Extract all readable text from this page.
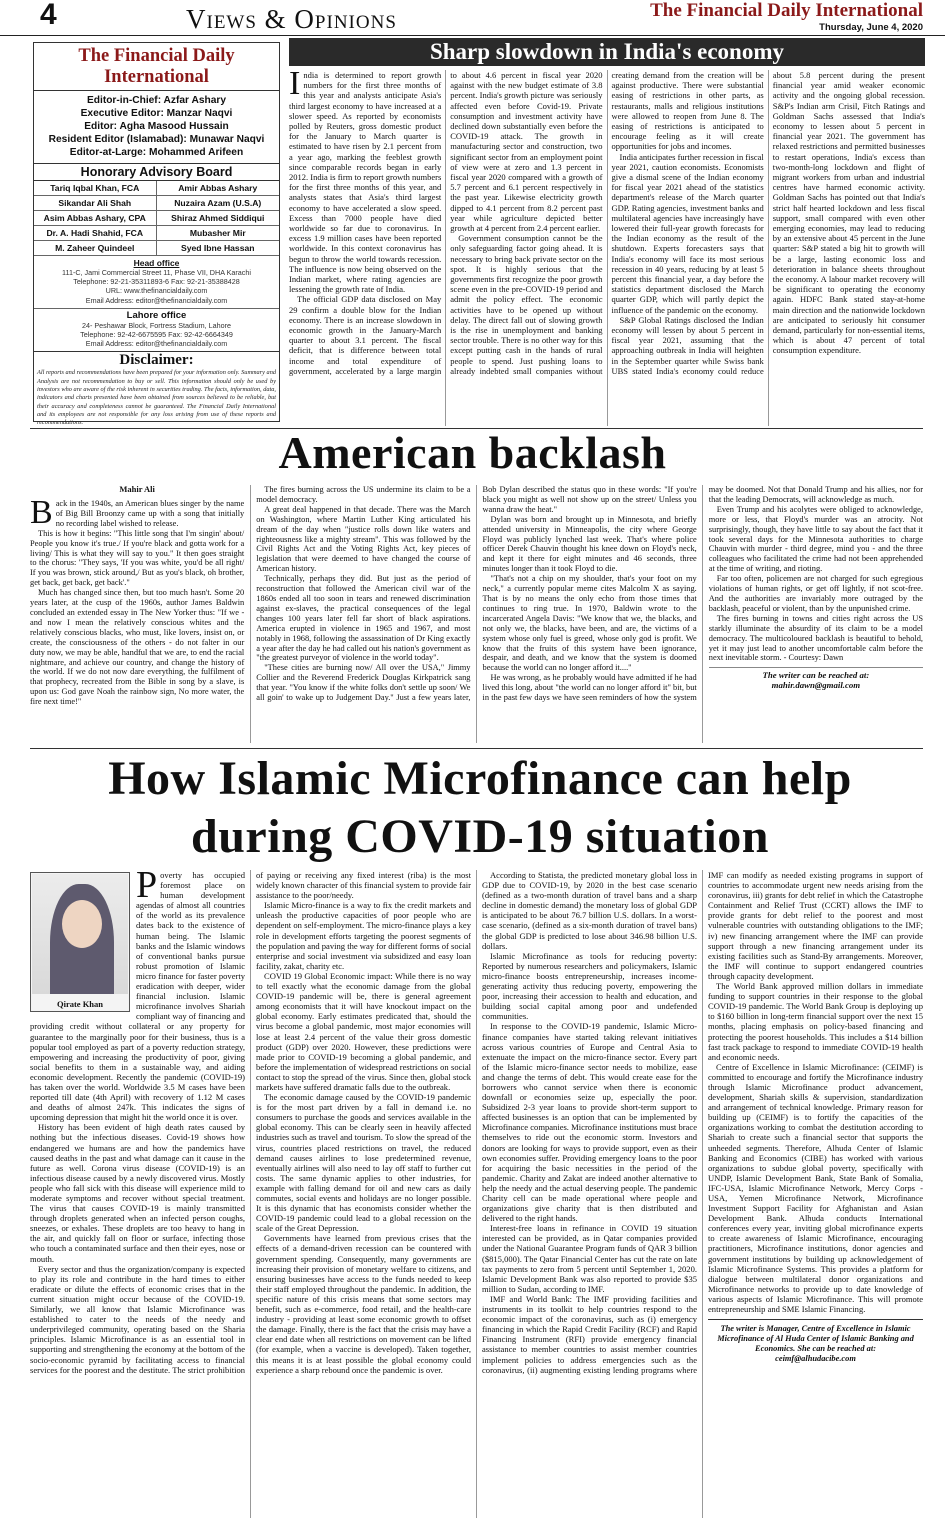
4	Views & Opinions	The Financial Daily International
Thursday, June 4, 2020
The Financial Daily International
Editor-in-Chief: Azfar Ashary
Executive Editor: Manzar Naqvi
Editor: Agha Masood Hussain
Resident Editor (Islamabad): Munawar Naqvi
Editor-at-Large: Mohammed Arifeen
Honorary Advisory Board
Tariq Iqbal Khan, FCA	Amir Abbas Ashary
Sikandar Ali Shah	Nuzaira Azam (U.S.A)
Asim Abbas Ashary, CPA	Shiraz Ahmed Siddiqui
Dr. A. Hadi Shahid, FCA	Mubasher Mir
M. Zaheer Quindeel	Syed Ibne Hassan
Head office
111-C, Jami Commercial Street 11, Phase VII, DHA Karachi
Telephone: 92-21-35311893-6 Fax: 92-21-35388428
URL: www.thefinancialdaily.com
Email Address: editor@thefinancialdaily.com
Lahore office
24- Peshawar Block, Fortress Stadium, Lahore
Telephone: 92-42-6675595 Fax: 92-42-6664349
Email Address: editor@thefinancialdaily.com
Disclaimer:
All reports and recommendations have been prepared for your information only. Summary and Analysis are not recommendation to buy or sell. This information should only be used by investors who are aware of the risk inherent in securities trading. The facts, information, data, indicators and charts presented have been obtained from sources believed to be reliable, but their accuracy and completeness cannot be guaranteed. The Financial Daily International and its employees are not responsible for any loss arising from use of these reports and recommendations.
Sharp slowdown in India's economy

India is determined to report growth numbers for the first three months of this year and analysts anticipate Asia's third largest economy to have increased at a slower speed. As reported by economists polled by Reuters, gross domestic product for the January to March quarter is estimated to have risen by 2.1 percent from a year ago, marking the feeblest growth since comparable records began in early 2012. India is firm to report growth numbers for the first three months of this year, and analysts states that Asia's third largest economy to have accelerated a slow speed. Excess than 7000 people have died worldwide so far due to coronavirus. In excess 1.9 million cases have been reported worldwide. In this context coronavirus has begun to throw the world towards recession. The influence is now being observed on the Indian market, where rating agencies are lessening the growth rate of India.

The official GDP data disclosed on May 29 confirm a double blow for the Indian economy. There is an increase slowdown in economic growth in the January-March quarter to about 3.1 percent. The fiscal deficit, that is difference between total income and total expenditure of government, accelerated by a large margin to about 4.6 percent in fiscal year 2020 against with the new budget estimate of 3.8 percent. India's growth picture was seriously affected even before Covid-19. Private consumption and investment activity have declined down substantially even before the COVID-19 attack. The growth in manufacturing sector and construction, two significant sector from an employment point of view were at zero and 1.3 percent in fiscal year 2020 compared with a growth of 5.7 percent and 6.1 percent respectively in the past year. Likewise electricity growth dipped to 4.1 percent from 8.2 percent past year while agriculture depicted better growth at 4 percent from 2.4 percent earlier.

Government consumption cannot be the only safeguarding factor going ahead. It is necessary to bring back private sector on the spot. It is highly serious that the governments first recognize the poor growth scene even in the pre-COVID-19 period and admit the policy effect. The economic activities have to be opened up without delay. The direct fall out of slowing growth is the rise in unemployment and banking sector trouble. There is no other way for this except putting cash in the hands of rural people to spend. Just pushing loans to already indebted small companies without creating demand from the creation will be against productive. There were substantial easing of restrictions in other parts, as restaurants, malls and religious institutions were allowed to reopen from June 8. The easing of restrictions is anticipated to encourage feeling as it will create opportunities for jobs and incomes.

India anticipates further recession in fiscal year 2021, caution economists. Economists give a dismal scene of the Indian economy for fiscal year 2021 ahead of the statistics department's release of the March quarter GDP. Rating agencies, investment banks and multilateral agencies have increasingly have lowered their full-year growth forecasts for the Indian economy as the result of the shutdown. Experts forecasters says that India's economy will face its most serious recession in 40 years, reducing by at least 5 percent this financial year, a day before the statistics department disclosed the March quarter GDP, which will partly depict the influence of the pandemic on the economy.

S&P Global Ratings disclosed the Indian economy will lessen by about 5 percent in fiscal year 2021, assuming that the approaching outbreak in India will heighten in the September quarter while Swiss bank UBS stated India's economy could reduce about 5.8 percent during the present financial year amid weaker economic activity and the ongoing global recession. S&P's Indian arm Crisil, Fitch Ratings and Goldman Sachs assessed that India's economy to lessen about 5 percent in financial year 2021. The government has relaxed restrictions and permitted businesses to restart operations, India's excess than two-month-long lockdown and flight of migrant workers from urban and industrial centres have harmed economic activity. Goldman Sachs has pointed out that India's strict half hearted lockdown and less fiscal support, small compared with even other emerging economies, may lead to reducing by an extensive about 45 percent in the June quarter: S&P stated a big hit to growth will be a large, lasting economic loss and deterioration in balance sheets throughout the economy. A labour market recovery will be significant to operating the economy again. HDFC Bank stated stay-at-home main direction and the nationwide lockdown are anticipated to seriously hit consumer demand, particularly for non-essential items, which is about 47 percent of total consumption expenditure.

American backlash
Mahir Ali

Back in the 1940s, an American blues singer by the name of Big Bill Broonzy came up with a song that initially no recording label wished to release.

This is how it begins: "This little song that I'm singin' about/ People you know it's true./ If you're black and gotta work for a living/ This is what they will say to you." It then goes straight to the chorus: "They says, 'If you was white, you'd be all right/ If you was brown, stick around,/ But as you's black, oh brother, get back, get back, get back'."

Much has changed since then, but too much hasn't. Some 20 years later, at the cusp of the 1960s, author James Baldwin concluded an extended essay in The New Yorker thus: "If we - and now I mean the relatively conscious whites and the relatively conscious blacks, who must, like lovers, insist on, or create, the consciousness of the others - do not falter in our duty now, we may be able, handful that we are, to end the racial nightmare, and achieve our country, and change the history of the world. If we do not now dare everything, the fulfilment of that prophecy, recreated from the Bible in song by a slave, is upon us: God gave Noah the rainbow sign, No more water, the fire next time!"

The fires burning across the US undermine its claim to be a model democracy.

A great deal happened in that decade. There was the March on Washington, where Martin Luther King articulated his dream of the day when "justice rolls down like waters and righteousness like a mighty stream". This was followed by the Civil Rights Act and the Voting Rights Act, key pieces of legislation that were deemed to have changed the course of American history.

Technically, perhaps they did. But just as the period of reconstruction that followed the American civil war of the 1860s ended all too soon in tears and renewed discrimination against ex-slaves, the practical consequences of the legal changes 100 years later fell far short of black aspirations. America erupted in violence in 1965 and 1967, and most notably in 1968, following the assassination of Dr King exactly a year after the day he had called out his nation's government as "the greatest purveyor of violence in the world today".

"These cities are burning now/ All over the USA," Jimmy Collier and the Reverend Frederick Douglas Kirkpatrick sang that year. "You know if the white folks don't settle up soon/ We all goin' to wake up to Judgement Day." Just a few years later, Bob Dylan described the status quo in these words: "If you're black you might as well not show up on the street/ Unless you wanna draw the heat."

Dylan was born and brought up in Minnesota, and briefly attended university in Minneapolis, the city where George Floyd was publicly lynched last week. That's where police officer Derek Chauvin thought his knee down on Floyd's neck, and kept it there for eight minutes and 46 seconds, three minutes longer than it took Floyd to die.

"That's not a chip on my shoulder, that's your foot on my neck," a currently popular meme cites Malcolm X as saying. That is by no means the only echo from those times that continues to ring true. In 1970, Baldwin wrote to the incarcerated Angela Davis: "We know that we, the blacks, and not only we, the blacks, have been, and are, the victims of a system whose only fuel is greed, whose only god is profit. We know that the fruits of this system have been ignorance, despair, and death, and we know that the system is doomed because the world can no longer afford it...."

He was wrong, as he probably would have admitted if he had lived this long, about "the world can no longer afford it" bit, but in the past few days we have seen reminders of how the system may be doomed. Not that Donald Trump and his allies, nor for that the leading Democrats, will acknowledge as much.

Even Trump and his acolytes were obliged to acknowledge, more or less, that Floyd's murder was an atrocity. Not surprisingly, though, they have little to say about the fact that it took several days for the Minnesota authorities to charge Chauvin with murder - third degree, mind you - and the three colleagues who facilitated the crime had not been apprehended at the time of writing, and rioting.

Far too often, policemen are not charged for such egregious violations of human rights, or get off lightly, if not scot-free. And the authorities are invariably more outraged by the backlash, peaceful or violent, than by the unpunished crime.

The fires burning in towns and cities right across the US starkly illuminate the absurdity of its claim to be a model democracy. The multicoloured backlash is beautiful to behold, yet it may just lead to another uncomfortable calm before the next inevitable storm. - Courtesy: Dawn

The writer can be reached at:
mahir.dawn@gmail.com
How Islamic Microfinance can help during COVID-19 situation
Qirate Khan

Poverty has occupied foremost place on human development agendas of almost all countries of the world as its prevalence dates back to the existence of human being. The Islamic banks and the Islamic windows of conventional banks pursue robust promotion of Islamic micro finance for faster poverty eradication with deeper, wider financial inclusion. Islamic microfinance involves Shariah compliant way of financing and providing credit without collateral or any property for guarantee to the marginally poor for their business, thus is a popular tool employed as part of a poverty reduction strategy, empowering and increasing the productivity of poor, giving social benefits to them in a sustainable way, and aiding economic development. Recently the pandemic (COVID-19) has taken over the world. Worldwide 3.5 M cases have been reported till date (4th April) with recovery of 1.12 M cases and deaths of almost 247k. This indicates the signs of upcoming depression that might hit the world once it is over.

History has been evident of high death rates caused by nothing but the infectious diseases. Covid-19 shows how endangered we humans are and how the pandemics have caused deaths in the past and what damage can it cause in the future as well. Corona virus disease (COVID-19) is an infectious disease caused by a newly discovered virus. Mostly people who fall sick with this disease will experience mild to moderate symptoms and recover without special treatment. The virus that causes COVID-19 is mainly transmitted through droplets generated when an infected person coughs, sneezes, or exhales. These droplets are too heavy to hang in the air, and quickly fall on floor or surface, infecting those who touch a contaminated surface and then their eyes, nose or mouth.

Every sector and thus the organization/company is expected to play its role and contribute in the hard times to either eradicate or dilute the effects of economic crises that in the current situation might occur because of the COVID-19. Similarly, we all know that Islamic Microfinance was established to cater to the needs of the needy and underprivileged community, operating based on the Sharia principles. Islamic Microfinance is as an essential tool in supporting and strengthening the economy at the bottom of the socio-economic pyramid by facilitating access to financial services for the poorest and the destitute. The strict prohibition of paying or receiving any fixed interest (riba) is the most widely known character of this financial system to provide fair assistance to the poor/needy.

Islamic Micro-finance is a way to fix the credit markets and unleash the productive capacities of poor people who are dependent on self-employment. The micro-finance plays a key role in development efforts targeting the poorest segments of the population and paving the way for different forms of social enterprise and social investment via subsidized and easy loan facility, zakat, charity etc.

COVID 19 Global Economic impact: While there is no way to tell exactly what the economic damage from the global COVID-19 pandemic will be, there is general agreement among economists that it will have knockout impact on the global economy. Early estimates predicated that, should the virus become a global pandemic, most major economies will lose at least 2.4 percent of the value their gross domestic product (GDP) over 2020. However, these predictions were made prior to COVID-19 becoming a global pandemic, and before the implementation of widespread restrictions on social contact to stop the spread of the virus. Since then, global stock markets have suffered dramatic falls due to the outbreak.

The economic damage caused by the COVID-19 pandemic is for the most part driven by a fall in demand i.e. no consumers to purchase the goods and services available in the global economy. This can be clearly seen in heavily affected industries such as travel and tourism. To slow the spread of the virus, countries placed restrictions on travel, the reduced demand causes airlines to lose predetermined revenue, eventually airlines will also need to lay off staff to further cut costs. The same dynamic applies to other industries, for example with falling demand for oil and new cars as daily commutes, social events and holidays are no longer possible. It is this dynamic that has economists consider whether the COVID-19 pandemic could lead to a global recession on the scale of the Great Depression.

Governments have learned from previous crises that the effects of a demand-driven recession can be countered with government spending. Consequently, many governments are increasing their provision of monetary welfare to citizens, and ensuring businesses have access to the funds needed to keep their staff employed throughout the pandemic. In addition, the specific nature of this crisis means that some sectors may benefit, such as e-commerce, food retail, and the health-care industry - providing at least some economic growth to offset the damage. Finally, there is the fact that the crisis may have a clear end date when all restrictions on movement can be lifted (for example, when a vaccine is developed). Taken together, this means it is at least possible the global economy could experience a sharp rebound once the pandemic is over.

According to Statista, the predicted monetary global loss in GDP due to COVID-19, by 2020 in the best case scenario (defined as a two-month duration of travel bans and a sharp decline in domestic demand) the monetary loss of global GDP is anticipated to be about 76.7 billion U.S. dollars. In a worst-case scenario, (defined as a six-month duration of travel bans) the global GDP is predicted to lose about 346.98 billion U.S. dollars.

Islamic Microfinance as tools for reducing poverty: Reported by numerous researchers and policymakers, Islamic micro-finance boosts entrepreneurship, increases income-generating activity thus reducing poverty, empowering the poor, increasing their accession to health and education, and building social capital among poor and undefended communities.

In response to the COVID-19 pandemic, Islamic Micro-finance companies have started taking relevant initiatives across various countries of Europe and Central Asia to extenuate the impact on the micro-finance sector. Every part of the Islamic micro-finance sector needs to mobilize, ease and change the terms of debt. This would create ease for the borrowers who cannot service when there is economic downfall or economies seize up, especially the poor. Subsidized 2-3 year loans to provide short-term support to affected businesses is an option that can be implemented by Microfinance companies. Microfinance institutions must brace themselves to ride out the economic storm. Investors and donors are looking for ways to provide support, even as their own economies suffer. Providing emergency loans to the poor for acquiring the basic necessities in the period of the pandemic. Charity and Zakat are indeed another alternative to help the needy and the actual deserving people. The pandemic Charity cell can be made operational where people and organizations give charity that is then distributed and delivered to the right hands.

Interest-free loans in refinance in COVID 19 situation interested can be provided, as in Qatar companies provided under the National Guarantee Program funds of QAR 3 billion ($815,000). The Qatar Financial Center has cut the rate on late tax payments to zero from 5 percent until September 1, 2020. Islamic Development Bank was also reported to provide $35 million to Sudan, according to IMF.

IMF and World Bank: The IMF providing facilities and instruments in its toolkit to help countries respond to the economic impact of the coronavirus, such as (i) emergency financing in which the Rapid Credit Facility (RCF) and Rapid Financing Instrument (RFI) provide emergency financial assistance to member countries to assist member countries implement policies to address emergencies such as the coronavirus, (ii) augmenting existing lending programs where IMF can modify as needed existing programs in support of countries to accommodate urgent new needs arising from the coronavirus, iii) grants for debt relief in which the Catastrophe Containment and Relief Trust (CCRT) allows the IMF to provide grants for debt relief to the poorest and most vulnerable countries with outstanding obligations to the IMF; iv) new financing arrangement where the IMF can provide support through a new financing arrangement under its existing facilities such as Stand-By arrangements. Moreover, the IMF will continue to support endangered countries through capacity development.

The World Bank approved million dollars in immediate funding to support countries in their response to the global COVID-19 pandemic. The World Bank Group is deploying up to $160 billion in long-term financial support over the next 15 months, placing emphasis on policy-based financing and protecting the poorest households. This includes a $14 billion fast track package to respond to immediate COVID-19 health and economic needs.

Centre of Excellence in Islamic Microfinance: (CEIMF) is committed to encourage and fortify the Microfinance industry through Islamic Microfinance product advancement, development, Shariah skills & supervision, standardization and arrangement of technical knowledge. Primary reason for building up (CEIMF) is to fortify the capacities of the organizations working to combat the destitution according to Shariah to create such a financial sector that supports the unheeded segments. Therefore, Alhuda Center of Islamic Banking and Economics (CIBE) has worked with various organizations to subdue global poverty, specifically with UNDP, Islamic Development Bank, State Bank of Somalia, IFC-USA, Islamic Microfinance Network, Mercy Corps - USA, Yemen Microfinance Network, Microfinance Investment Support Facility for Afghanistan and Asian Development Bank. Alhuda conducts International conferences every year, inviting global microfinance experts to create awareness of Islamic Microfinance, encouraging practitioners, Microfinance institutions, donor agencies and government institutions by building up acknowledgement of Islamic Microfinance Systems. This provides a platform for dialogue between multilateral donor organizations and Microfinance networks to provide up to date knowledge of various aspects of Islamic Microfinance. This will promote entrepreneurship and SME Islamic Financing.

The writer is Manager, Centre of Excellence in Islamic Microfinance of Al Huda Center of Islamic Banking and Economics. She can be reached at:
ceimf@alhudacibe.com
